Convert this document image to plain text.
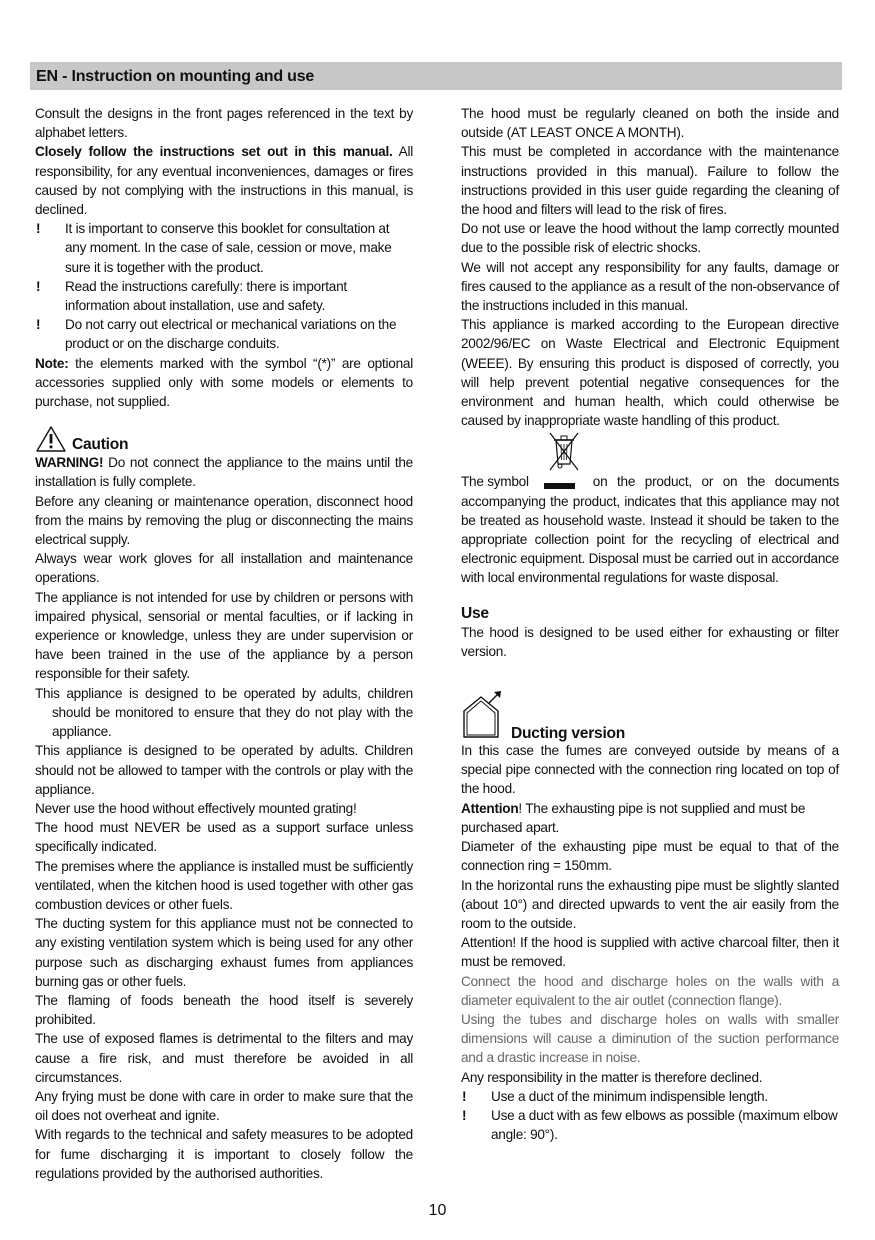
EN - Instruction on mounting and use

Consult the designs in the front pages referenced in the text by alphabet letters.

Closely follow the instructions set out in this manual. All responsibility, for any eventual inconveniences, damages or fires caused by not complying with the instructions in this manual, is declined.

!	It is important to conserve this booklet for consultation at any moment. In the case of sale, cession or move, make sure it is together with the product.
!	Read the instructions carefully: there is important information about installation, use and safety.
!	Do not carry out electrical or mechanical variations on the product or on the discharge conduits.

Note: the elements marked with the symbol “(*)” are optional accessories supplied only with some models or elements to purchase, not supplied.

Caution

WARNING! Do not connect the appliance to the mains until the installation is fully complete.

Before any cleaning or maintenance operation, disconnect hood from the mains by removing the plug or disconnecting the mains electrical supply.

Always wear work gloves for all installation and maintenance operations.

The appliance is not intended for use by children or persons with impaired physical, sensorial or mental faculties, or if lacking in experience or knowledge, unless they are under supervision or have been trained in the use of the appliance by a person responsible for their safety.

This appliance is designed to be operated by adults, children should be monitored to ensure that they do not play with the appliance.

This appliance is designed to be operated by adults. Children should not be allowed to tamper with the controls or play with the appliance.

Never use the hood without effectively mounted grating!

The hood must NEVER be used as a support surface unless specifically indicated.

The premises where the appliance is installed must be sufficiently ventilated, when the kitchen hood is used together with other gas combustion devices or other fuels.

The ducting system for this appliance must not be connected to any existing ventilation system which is being used for any other purpose such as discharging exhaust fumes from appliances burning gas or other fuels.

The flaming of foods beneath the hood itself is severely prohibited.

The use of exposed flames is detrimental to the filters and may cause a fire risk, and must therefore be avoided in all circumstances.

Any frying must be done with care in order to make sure that the oil does not overheat and ignite.

With regards to the technical and safety measures to be adopted for fume discharging it is important to closely follow the regulations provided by the authorised authorities.

The hood must be regularly cleaned on both the inside and outside (AT LEAST ONCE A MONTH).

This must be completed in accordance with the maintenance instructions provided in this manual). Failure to follow the instructions provided in this user guide regarding the cleaning of the hood and filters will lead to the risk of fires.

Do not use or leave the hood without the lamp correctly mounted due to the possible risk of electric shocks.

We will not accept any responsibility for any faults, damage or fires caused to the appliance as a result of the non-observance of the instructions included in this manual.

This appliance is marked according to the European directive 2002/96/EC on Waste Electrical and Electronic Equipment (WEEE). By ensuring this product is disposed of correctly, you will help prevent potential negative consequences for the environment and human health, which could otherwise be caused by inappropriate waste handling of this product.

The symbol	on the product, or on the documents

accompanying the product, indicates that this appliance may not be treated as household waste. Instead it should be taken to the appropriate collection point for the recycling of electrical and electronic equipment. Disposal must be carried out in accordance with local environmental regulations for waste disposal.

Use

The hood is designed to be used either for exhausting or filter version.

Ducting version

In this case the fumes are conveyed outside by means of a special pipe connected with the connection ring located on top of the hood.

Attention! The exhausting pipe is not supplied and must be purchased apart.

Diameter of the exhausting pipe must be equal to that of the connection ring = 150mm.

In the horizontal runs the exhausting pipe must be slightly slanted (about 10°) and directed upwards to vent the air easily from the room to the outside.

Attention! If the hood is supplied with active charcoal filter, then it must be removed.

Connect the hood and discharge holes on the walls with a diameter equivalent to the air outlet (connection flange).

Using the tubes and discharge holes on walls with smaller dimensions will cause a diminution of the suction performance and a drastic increase in noise.

Any responsibility in the matter is therefore declined.

!	Use a duct of the minimum indispensible length.
!	Use a duct with as few elbows as possible (maximum elbow angle: 90°).
10
